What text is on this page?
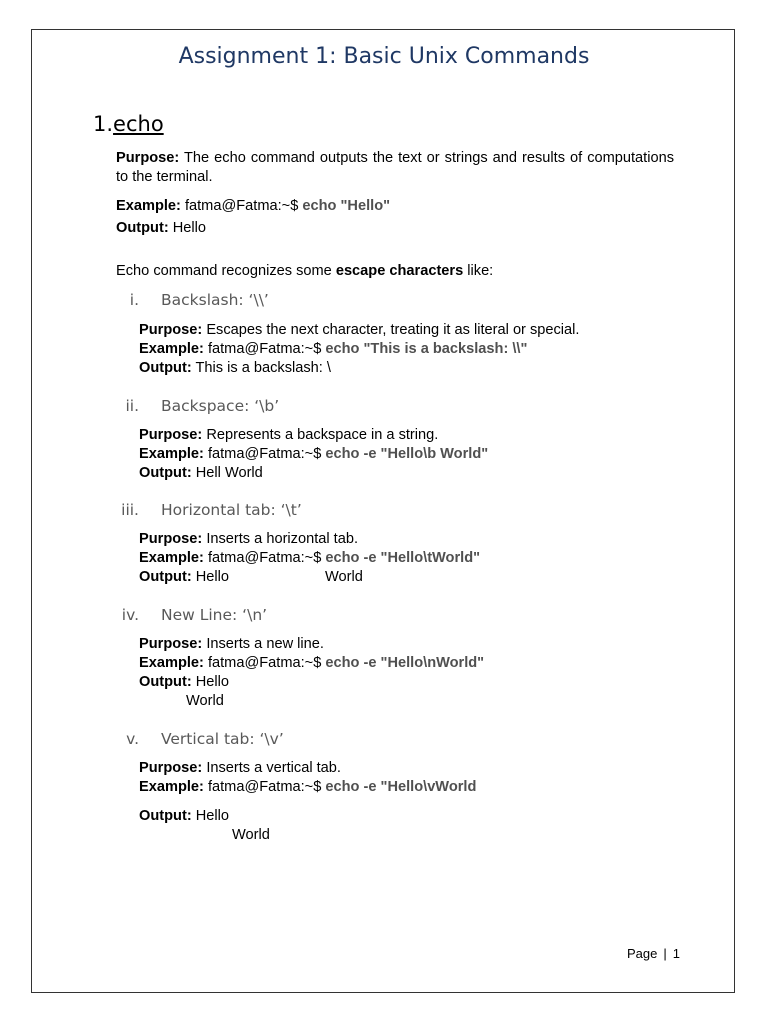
Assignment 1: Basic Unix Commands
1.echo
Purpose: The echo command outputs the text or strings and results of computations to the terminal.
Example: fatma@Fatma:~$ echo "Hello"
Output: Hello
Echo command recognizes some escape characters like:
i. Backslash: ‘\\’
Purpose: Escapes the next character, treating it as literal or special.
Example: fatma@Fatma:~$ echo "This is a backslash: \\"
Output: This is a backslash: \
ii. Backspace: ‘\b’
Purpose: Represents a backspace in a string.
Example: fatma@Fatma:~$ echo -e "Hello\b World"
Output: Hell World
iii. Horizontal tab: ‘\t’
Purpose: Inserts a horizontal tab.
Example: fatma@Fatma:~$ echo -e "Hello\tWorld"
Output: Hello	World
iv. New Line: ‘\n’
Purpose: Inserts a new line.
Example: fatma@Fatma:~$ echo -e "Hello\nWorld"
Output: Hello
World
v. Vertical tab: ‘\v’
Purpose: Inserts a vertical tab.
Example: fatma@Fatma:~$ echo -e "Hello\vWorld
Output: Hello
World
Page | 1
